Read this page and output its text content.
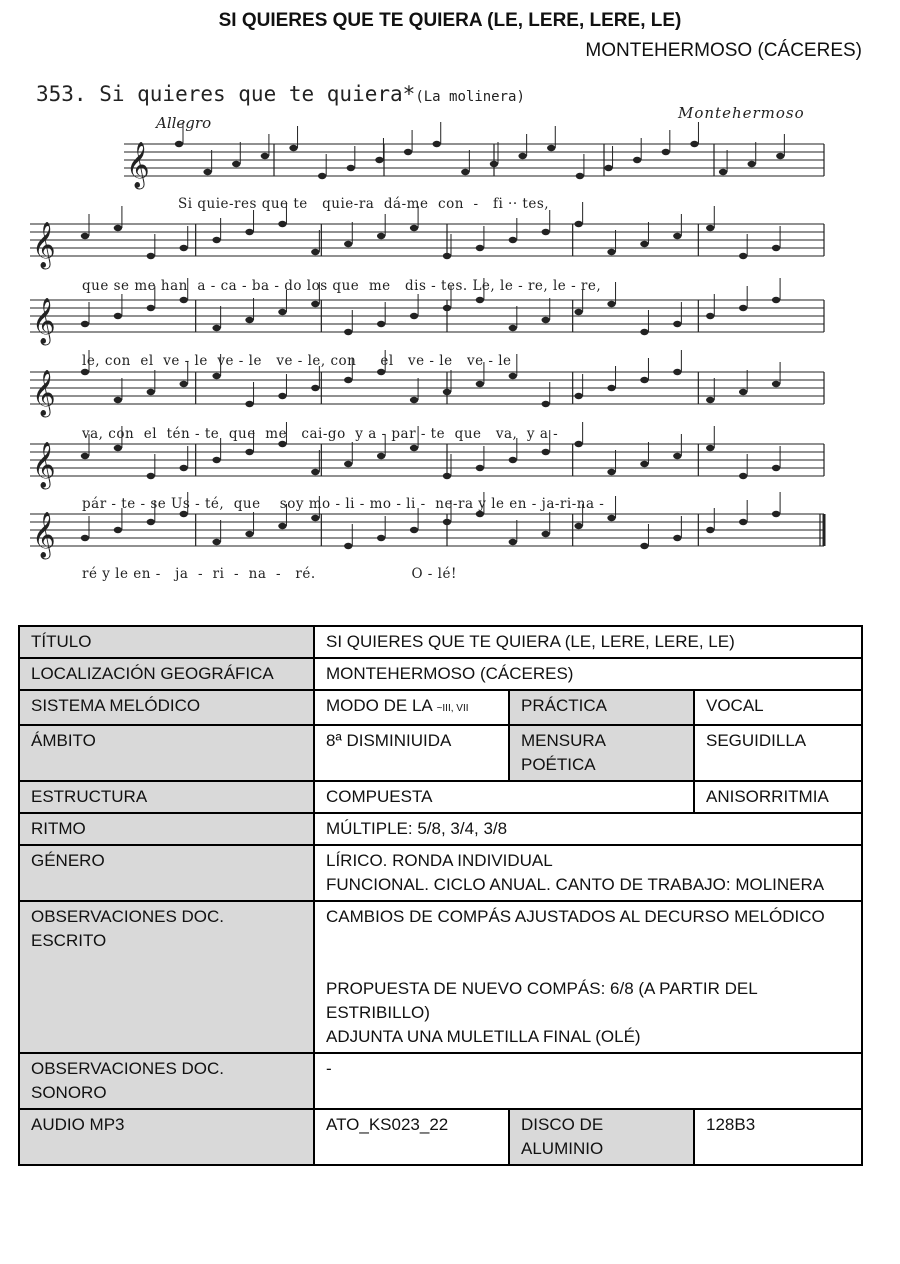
SI QUIERES QUE TE QUIERA (LE, LERE, LERE, LE)
MONTEHERMOSO (CÁCERES)
353. Si quieres que te quiera*(La molinera)
Allegro
Montehermoso
𝄞
𝄞
𝄞
𝄞
𝄞
𝄞
Si quie-res que te   quie-ra  dá-me  con  -   fi ·· tes,
que se me han  a - ca - ba - do los que  me   dis - tes. Le, le - re, le - re,
le, con  el  ve - le  ve - le   ve - le, con     el   ve - le   ve - le
va, con  el  tén - te  que  me   cai-go  y a - par - te  que   va,  y a -
pár - te - se Us - té,  que    soy mo - li - mo - li -  ne-ra y le en - ja-ri-na -
ré y le en -   ja  -  ri  -  na  -   ré.                    O - lé!
TÍTULO	SI QUIERES QUE TE QUIERA (LE, LERE, LERE, LE)		
LOCALIZACIÓN GEOGRÁFICA	MONTEHERMOSO (CÁCERES)		
SISTEMA MELÓDICO	MODO DE LA ~III, VII	PRÁCTICA	VOCAL
ÁMBITO	8ª DISMINIUIDA	MENSURA POÉTICA	SEGUIDILLA
ESTRUCTURA	COMPUESTA		ANISORRITMIA
RITMO	MÚLTIPLE: 5/8, 3/4, 3/8		
GÉNERO	LÍRICO. RONDA INDIVIDUAL
FUNCIONAL. CICLO ANUAL. CANTO DE TRABAJO: MOLINERA		

OBSERVACIONES DOC. ESCRITO	CAMBIOS DE COMPÁS AJUSTADOS AL DECURSO MELÓDICO
PROPUESTA DE NUEVO COMPÁS: 6/8 (A PARTIR DEL ESTRIBILLO)
ADJUNTA UNA MULETILLA FINAL (OLÉ)		

OBSERVACIONES DOC. SONORO	-		
AUDIO MP3	ATO_KS023_22	DISCO DE ALUMINIO	128B3
